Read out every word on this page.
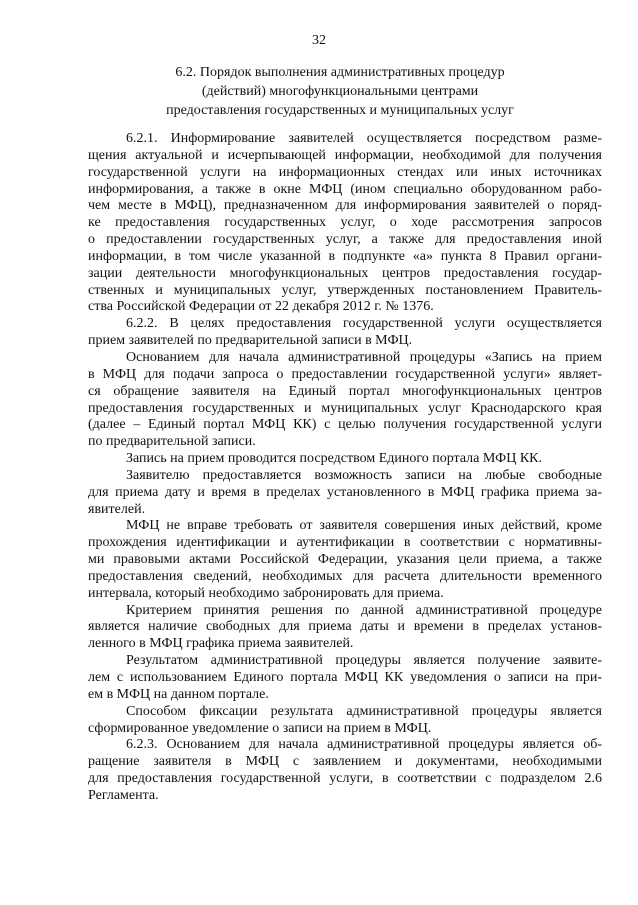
32
6.2. Порядок выполнения административных процедур
(действий) многофункциональными центрами
предоставления государственных и муниципальных услуг
6.2.1. Информирование заявителей осуществляется посредством разме-
щения актуальной и исчерпывающей информации, необходимой для получения
государственной услуги на информационных стендах или иных источниках
информирования, а также в окне МФЦ (ином специально оборудованном рабо-
чем месте в МФЦ), предназначенном для информирования заявителей о поряд-
ке предоставления государственных услуг, о ходе рассмотрения запросов
о предоставлении государственных услуг, а также для предоставления иной
информации, в том числе указанной в подпункте «а» пункта 8 Правил органи-
зации деятельности многофункциональных центров предоставления государ-
ственных и муниципальных услуг, утвержденных постановлением Правитель-
ства Российской Федерации от 22 декабря 2012 г. № 1376.
6.2.2. В целях предоставления государственной услуги осуществляется
прием заявителей по предварительной записи в МФЦ.
Основанием для начала административной процедуры «Запись на прием
в МФЦ для подачи запроса о предоставлении государственной услуги» являет-
ся обращение заявителя на Единый портал многофункциональных центров
предоставления государственных и муниципальных услуг Краснодарского края
(далее – Единый портал МФЦ КК) с целью получения государственной услуги
по предварительной записи.
Запись на прием проводится посредством Единого портала МФЦ КК.
Заявителю предоставляется возможность записи на любые свободные
для приема дату и время в пределах установленного в МФЦ графика приема за-
явителей.
МФЦ не вправе требовать от заявителя совершения иных действий, кроме
прохождения идентификации и аутентификации в соответствии с нормативны-
ми правовыми актами Российской Федерации, указания цели приема, а также
предоставления сведений, необходимых для расчета длительности временного
интервала, который необходимо забронировать для приема.
Критерием принятия решения по данной административной процедуре
является наличие свободных для приема даты и времени в пределах установ-
ленного в МФЦ графика приема заявителей.
Результатом административной процедуры является получение заявите-
лем с использованием Единого портала МФЦ КК уведомления о записи на при-
ем в МФЦ на данном портале.
Способом фиксации результата административной процедуры является
сформированное уведомление о записи на прием в МФЦ.
6.2.3. Основанием для начала административной процедуры является об-
ращение заявителя в МФЦ с заявлением и документами, необходимыми
для предоставления государственной услуги, в соответствии с подразделом 2.6
Регламента.
